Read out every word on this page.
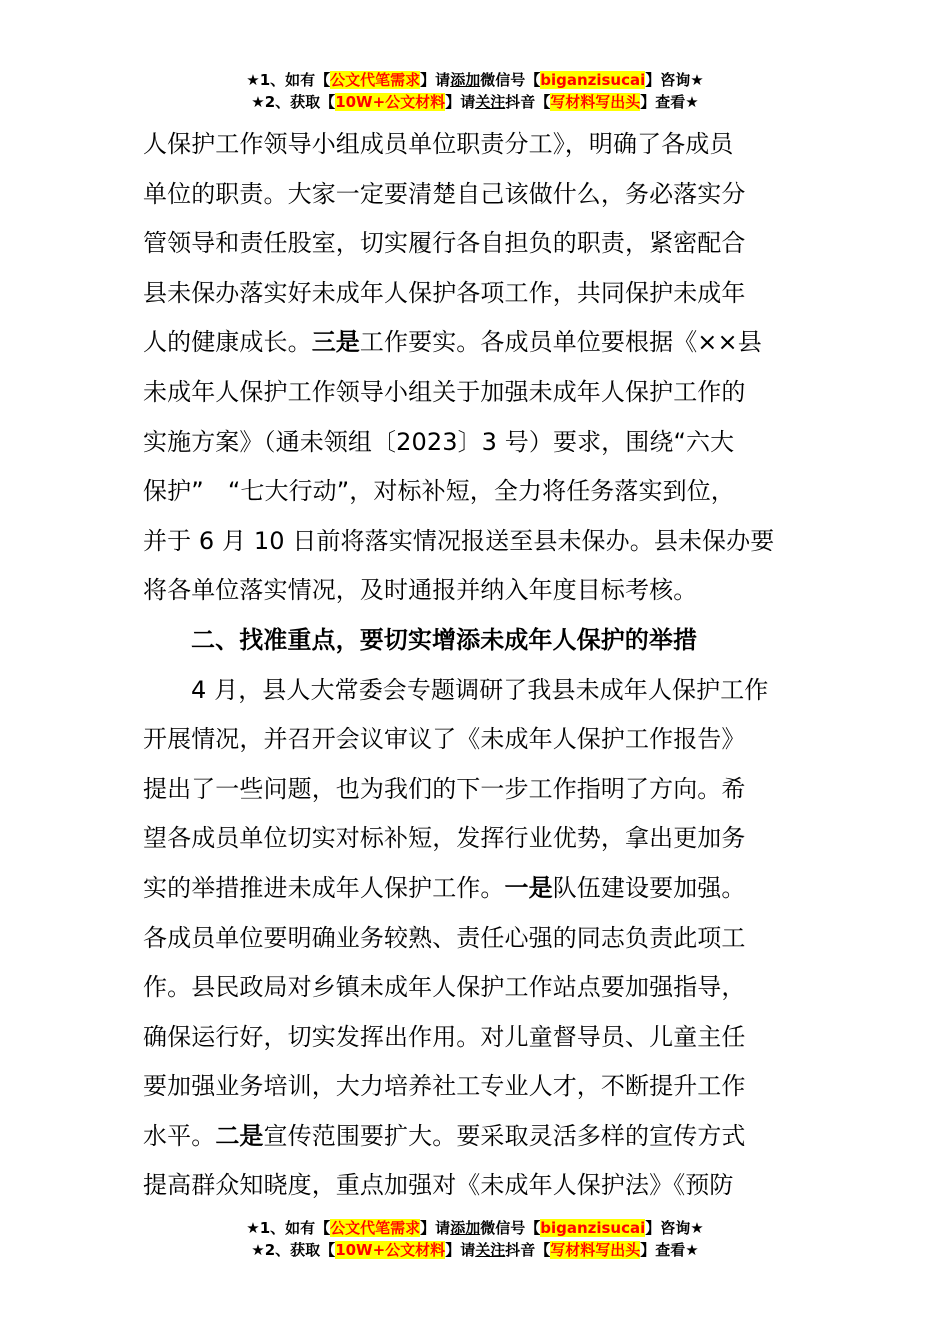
★1、如有【公文代笔需求】请添加微信号【biganzisucai】咨询★
★2、获取【10W+公文材料】请关注抖音【写材料写出头】查看★
人保护工作领导小组成员单位职责分工》，明确了各成员
单位的职责。大家一定要清楚自己该做什么，务必落实分
管领导和责任股室，切实履行各自担负的职责，紧密配合
县未保办落实好未成年人保护各项工作，共同保护未成年
人的健康成长。三是工作要实。各成员单位要根据《××县
未成年人保护工作领导小组关于加强未成年人保护工作的
实施方案》（通未领组〔2023〕3 号）要求，围绕“六大
保护”　“七大行动”，对标补短，全力将任务落实到位，
并于 6 月 10 日前将落实情况报送至县未保办。县未保办要
将各单位落实情况，及时通报并纳入年度目标考核。
二、找准重点，要切实增添未成年人保护的举措
4 月，县人大常委会专题调研了我县未成年人保护工作
开展情况，并召开会议审议了《未成年人保护工作报告》
提出了一些问题，也为我们的下一步工作指明了方向。希
望各成员单位切实对标补短，发挥行业优势，拿出更加务
实的举措推进未成年人保护工作。一是队伍建设要加强。
各成员单位要明确业务较熟、责任心强的同志负责此项工
作。县民政局对乡镇未成年人保护工作站点要加强指导，
确保运行好，切实发挥出作用。对儿童督导员、儿童主任
要加强业务培训，大力培养社工专业人才，不断提升工作
水平。二是宣传范围要扩大。要采取灵活多样的宣传方式
提高群众知晓度，重点加强对《未成年人保护法》《预防
★1、如有【公文代笔需求】请添加微信号【biganzisucai】咨询★
★2、获取【10W+公文材料】请关注抖音【写材料写出头】查看★
